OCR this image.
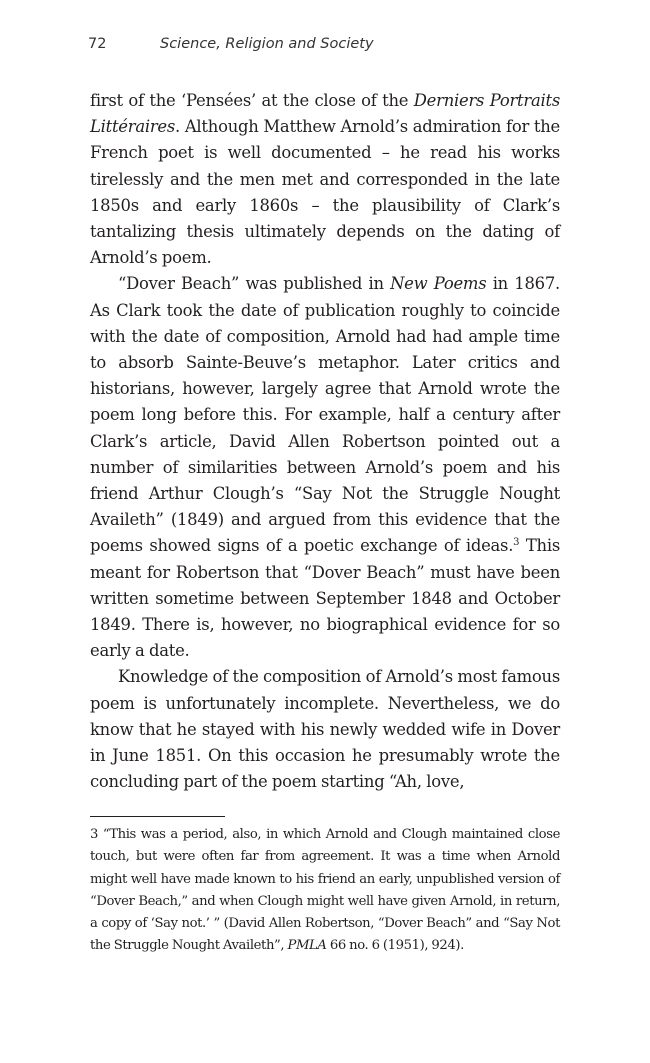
72	Science, Religion and Society

first of the ‘Pensées’ at the close of the Derniers Portraits Littéraires. Although Matthew Arnold’s admiration for the French poet is well documented – he read his works tirelessly and the men met and corresponded in the late 1850s and early 1860s – the plausibility of Clark’s tantalizing thesis ultimately depends on the dating of Arnold’s poem.

“Dover Beach” was published in New Poems in 1867. As Clark took the date of publication roughly to coincide with the date of composition, Arnold had had ample time to absorb Sainte-Beuve’s metaphor. Later critics and historians, however, largely agree that Arnold wrote the poem long before this. For example, half a century after Clark’s article, David Allen Robertson pointed out a number of similarities between Arnold’s poem and his friend Arthur Clough’s “Say Not the Struggle Nought Availeth” (1849) and argued from this evidence that the poems showed signs of a poetic exchange of ideas.$^3$ This meant for Robertson that “Dover Beach” must have been written sometime between September 1848 and October 1849. There is, however, no biographical evidence for so early a date.

Knowledge of the composition of Arnold’s most famous poem is unfortunately incomplete. Nevertheless, we do know that he stayed with his newly wedded wife in Dover in June 1851. On this occasion he presumably wrote the concluding part of the poem starting “Ah, love,

3 “This was a period, also, in which Arnold and Clough maintained close touch, but were often far from agreement. It was a time when Arnold might well have made known to his friend an early, unpublished version of “Dover Beach,” and when Clough might well have given Arnold, in return, a copy of ‘Say not.’ ” (David Allen Robertson, “Dover Beach” and “Say Not the Struggle Nought Availeth”, PMLA 66 no. 6 (1951), 924).
